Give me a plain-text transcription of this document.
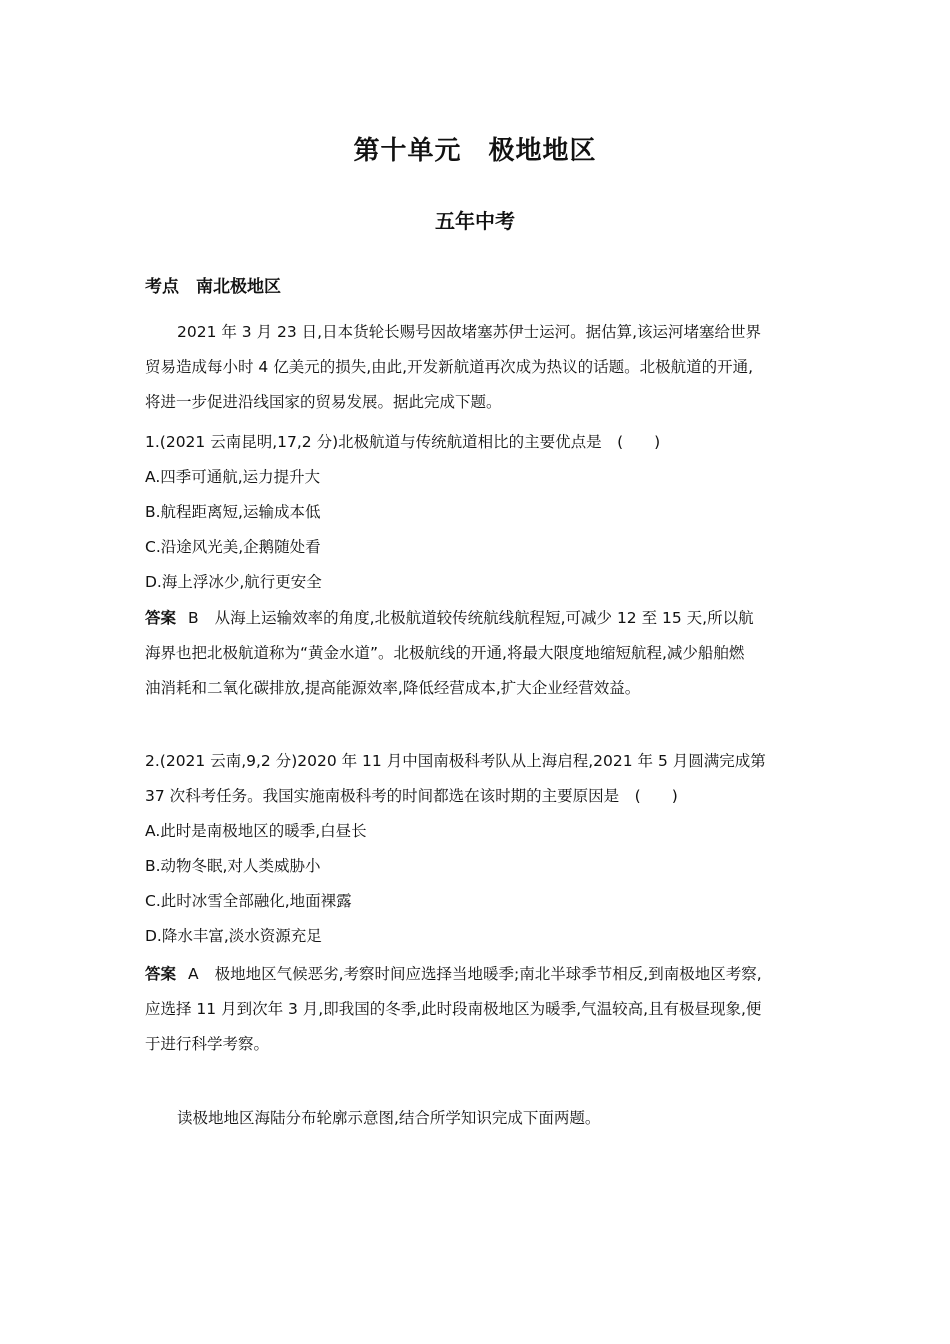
第十单元　极地地区
五年中考
考点　南北极地区
2021 年 3 月 23 日,日本货轮长赐号因故堵塞苏伊士运河。据估算,该运河堵塞给世界
贸易造成每小时 4 亿美元的损失,由此,开发新航道再次成为热议的话题。北极航道的开通,
将进一步促进沿线国家的贸易发展。据此完成下题。
1.(2021 云南昆明,17,2 分)北极航道与传统航道相比的主要优点是　(　　)
A.四季可通航,运力提升大
B.航程距离短,运输成本低
C.沿途风光美,企鹅随处看
D.海上浮冰少,航行更安全
答案 B 从海上运输效率的角度,北极航道较传统航线航程短,可减少 12 至 15 天,所以航
海界也把北极航道称为“黄金水道”。北极航线的开通,将最大限度地缩短航程,减少船舶燃
油消耗和二氧化碳排放,提高能源效率,降低经营成本,扩大企业经营效益。
2.(2021 云南,9,2 分)2020 年 11 月中国南极科考队从上海启程,2021 年 5 月圆满完成第
37 次科考任务。我国实施南极科考的时间都选在该时期的主要原因是　(　　)
A.此时是南极地区的暖季,白昼长
B.动物冬眠,对人类威胁小
C.此时冰雪全部融化,地面裸露
D.降水丰富,淡水资源充足
答案 A 极地地区气候恶劣,考察时间应选择当地暖季;南北半球季节相反,到南极地区考察,
应选择 11 月到次年 3 月,即我国的冬季,此时段南极地区为暖季,气温较高,且有极昼现象,便
于进行科学考察。
读极地地区海陆分布轮廓示意图,结合所学知识完成下面两题。
